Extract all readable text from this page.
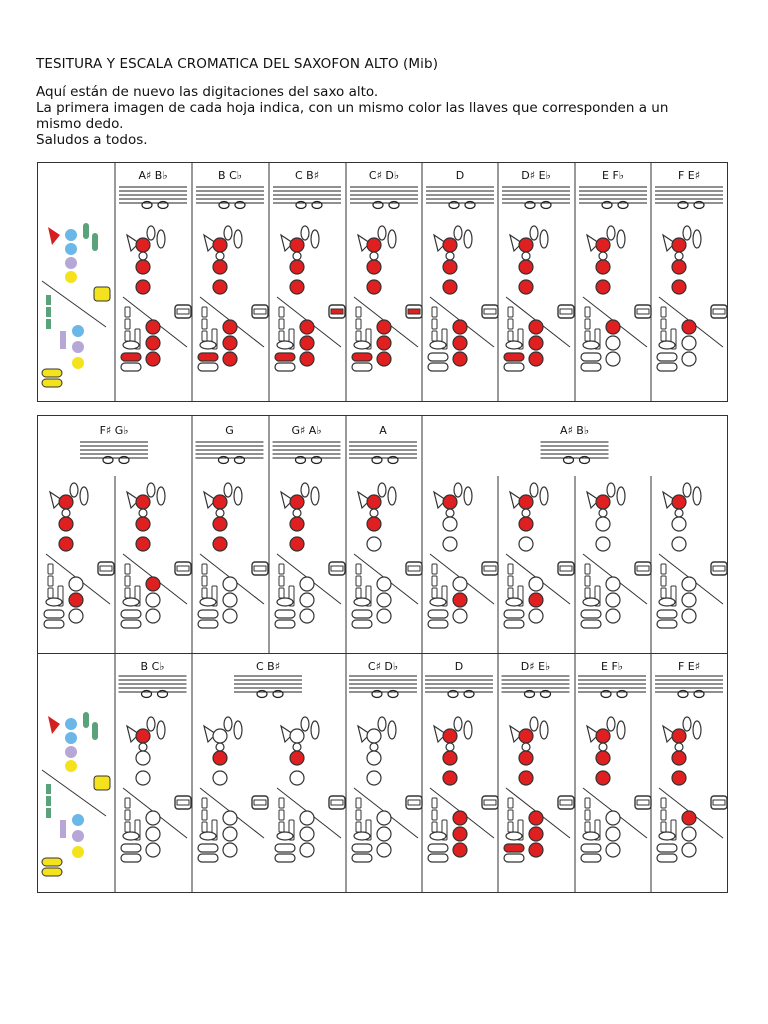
TESITURA Y ESCALA CROMATICA DEL SAXOFON ALTO (Mib)
Aquí están de nuevo las digitaciones del saxo alto.
La primera imagen de cada hoja indica, con un mismo color las llaves que corresponden a un
mismo dedo.
Saludos a todos.
A♯ B♭	B C♭	C B♯	C♯ D♭	D	D♯ E♭	E F♭	F E♯
F♯ G♭	G	G♯ A♭	A	A♯ B♭
B C♭	C B♯	C♯ D♭	D	D♯ E♭	E F♭	F E♯
